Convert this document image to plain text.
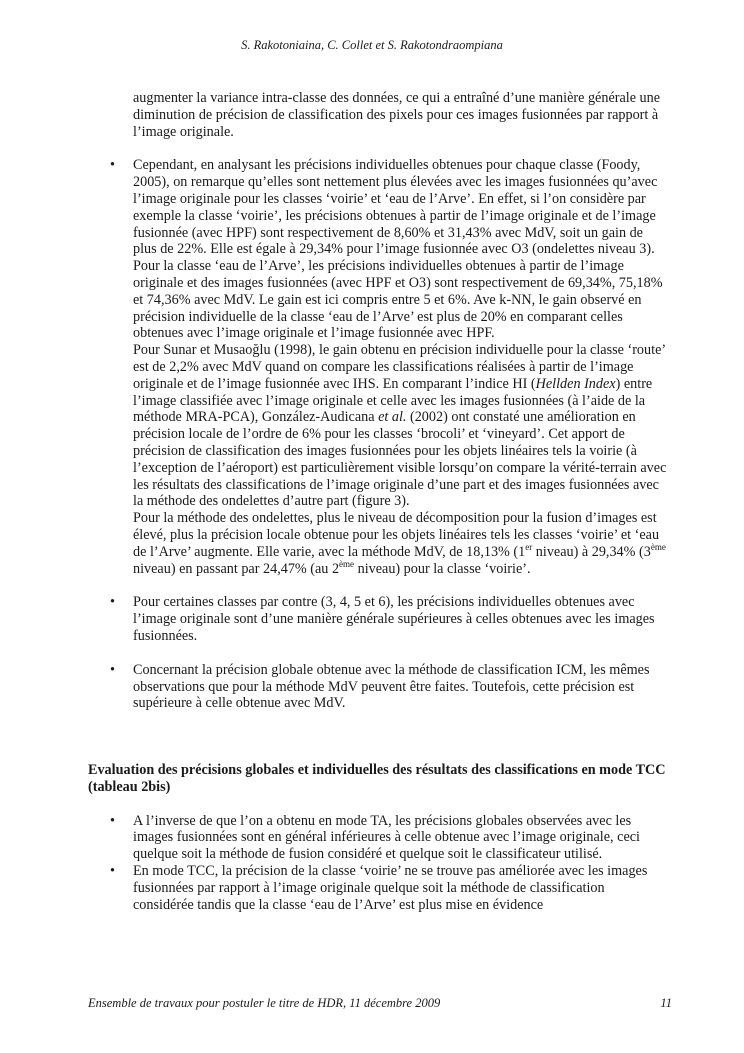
S. Rakotoniaina, C. Collet et S. Rakotondraompiana

augmenter la variance intra-classe des données, ce qui a entraîné d’une manière générale une diminution de précision de classification des pixels pour ces images fusionnées par rapport à l’image originale.

• Cependant, en analysant les précisions individuelles obtenues pour chaque classe (Foody, 2005), on remarque qu’elles sont nettement plus élevées avec les images fusionnées qu’avec l’image originale pour les classes ‘voirie’ et ‘eau de l’Arve’. En effet, si l’on considère par exemple la classe ‘voirie’, les précisions obtenues à partir de l’image originale et de l’image fusionnée (avec HPF) sont respectivement de 8,60% et 31,43% avec MdV, soit un gain de plus de 22%. Elle est égale à 29,34% pour l’image fusionnée avec O3 (ondelettes niveau 3). Pour la classe ‘eau de l’Arve’, les précisions individuelles obtenues à partir de l’image originale et des images fusionnées (avec HPF et O3) sont respectivement de 69,34%, 75,18% et 74,36% avec MdV. Le gain est ici compris entre 5 et 6%. Ave k-NN, le gain observé en précision individuelle de la classe ‘eau de l’Arve’ est plus de 20% en comparant celles obtenues avec l’image originale et l’image fusionnée avec HPF.

Pour Sunar et Musaoğlu (1998), le gain obtenu en précision individuelle pour la classe ‘route’ est de 2,2% avec MdV quand on compare les classifications réalisées à partir de l’image originale et de l’image fusionnée avec IHS. En comparant l’indice HI (Hellden Index) entre l’image classifiée avec l’image originale et celle avec les images fusionnées (à l’aide de la méthode MRA-PCA), González-Audicana et al. (2002) ont constaté une amélioration en précision locale de l’ordre de 6% pour les classes ‘brocoli’ et ‘vineyard’. Cet apport de précision de classification des images fusionnées pour les objets linéaires tels la voirie (à l’exception de l’aéroport) est particulièrement visible lorsqu’on compare la vérité-terrain avec les résultats des classifications de l’image originale d’une part et des images fusionnées avec la méthode des ondelettes d’autre part (figure 3).

Pour la méthode des ondelettes, plus le niveau de décomposition pour la fusion d’images est élevé, plus la précision locale obtenue pour les objets linéaires tels les classes ‘voirie’ et ‘eau de l’Arve’ augmente. Elle varie, avec la méthode MdV, de 18,13% (1er niveau) à 29,34% (3ème niveau) en passant par 24,47% (au 2ème niveau) pour la classe ‘voirie’.

• Pour certaines classes par contre (3, 4, 5 et 6), les précisions individuelles obtenues avec l’image originale sont d’une manière générale supérieures à celles obtenues avec les images fusionnées.

• Concernant la précision globale obtenue avec la méthode de classification ICM, les mêmes observations que pour la méthode MdV peuvent être faites. Toutefois, cette précision est supérieure à celle obtenue avec MdV.

Evaluation des précisions globales et individuelles des résultats des classifications en mode TCC (tableau 2bis)

• A l’inverse de que l’on a obtenu en mode TA, les précisions globales observées avec les images fusionnées sont en général inférieures à celle obtenue avec l’image originale, ceci quelque soit la méthode de fusion considéré et quelque soit le classificateur utilisé.

• En mode TCC, la précision de la classe ‘voirie’ ne se trouve pas améliorée avec les images fusionnées par rapport à l’image originale quelque soit la méthode de classification considérée tandis que la classe ‘eau de l’Arve’ est plus mise en évidence

Ensemble de travaux pour postuler le titre de HDR, 11 décembre 2009	11
